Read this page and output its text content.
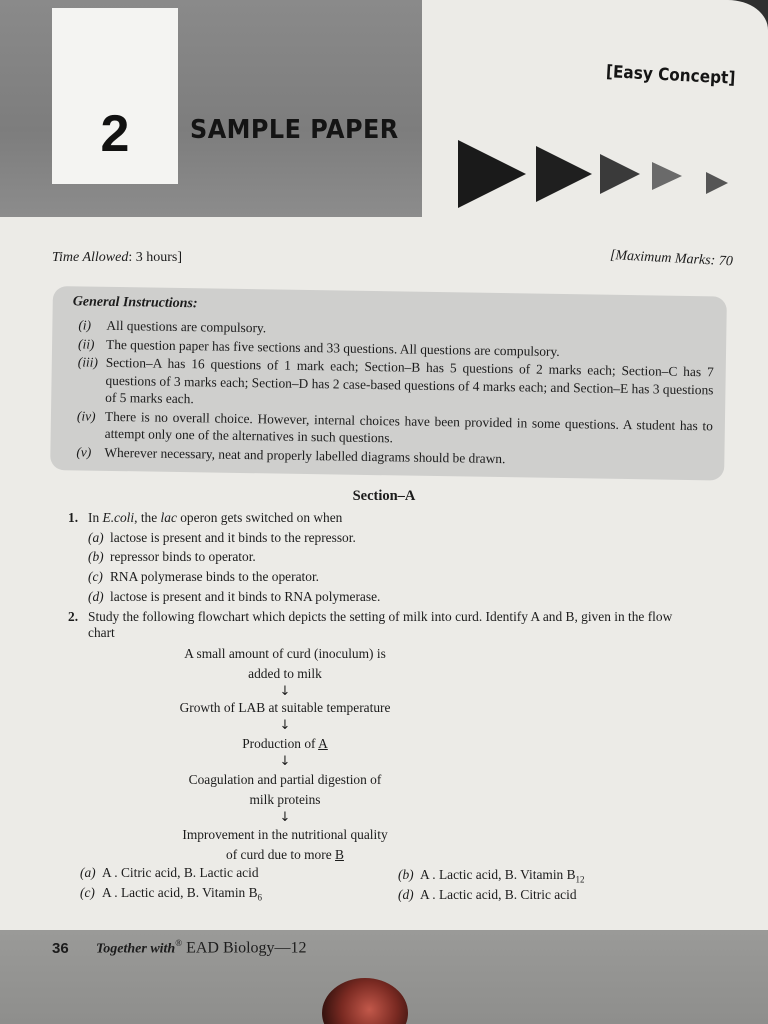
2	SAMPLE PAPER
[Easy Concept]
Time Allowed: 3 hours]	[Maximum Marks: 70
General Instructions:
(i)	All questions are compulsory.
(ii) The question paper has five sections and 33 questions. All questions are compulsory.
(iii) Section–A has 16 questions of 1 mark each; Section–B has 5 questions of 2 marks each; Section–C has 7 questions of 3 marks each; Section–D has 2 case-based questions of 4 marks each; and Section–E has 3 questions of 5 marks each.
(iv) There is no overall choice. However, internal choices have been provided in some questions. A student has to attempt only one of the alternatives in such questions.
(v) Wherever necessary, neat and properly labelled diagrams should be drawn.
Section–A
1. In E.coli, the lac operon gets switched on when
(a) lactose is present and it binds to the repressor.
(b) repressor binds to operator.
(c) RNA polymerase binds to the operator.
(d) lactose is present and it binds to RNA polymerase.
2. Study the following flowchart which depicts the setting of milk into curd. Identify A and B, given in the flow
chart
A small amount of curd (inoculum) is
added to milk
↓
Growth of LAB at suitable temperature
↓
Production of A
↓
Coagulation and partial digestion of
milk proteins
↓
Improvement in the nutritional quality
of curd due to more B
(a) A . Citric acid, B. Lactic acid	(b) A . Lactic acid, B. Vitamin $B_{12}$
(c) A . Lactic acid, B. Vitamin $B_6$	(d) A . Lactic acid, B. Citric acid
36 Together with® EAD Biology—12
